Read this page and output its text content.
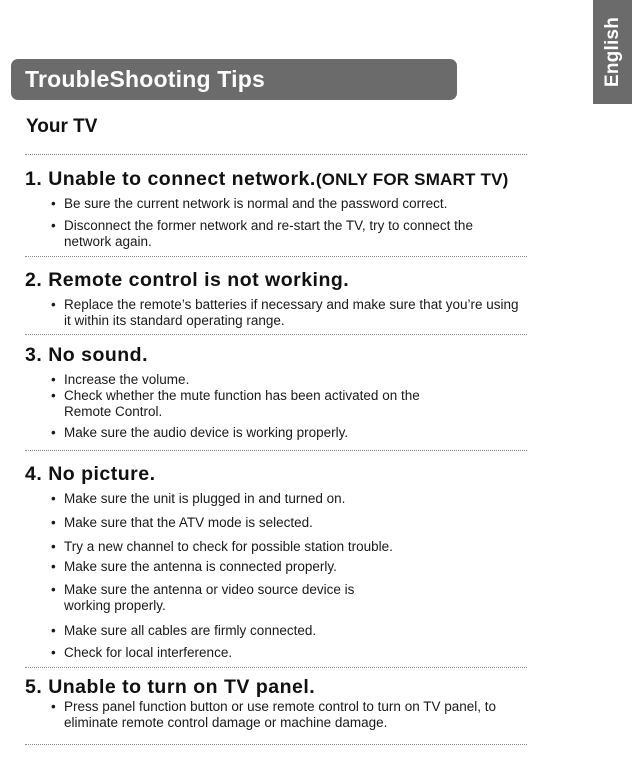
English
TroubleShooting Tips
Your TV
1. Unable to connect network.(ONLY FOR SMART TV)
• Be sure the current network is normal and the password correct.
• Disconnect the former network and re-start the TV, try to connect the network again.
2. Remote control is not working.
• Replace the remote’s batteries if necessary and make sure that you’re using it within its standard operating range.
3. No sound.
• Increase the volume.
• Check whether the mute function has been activated on the Remote Control.
• Make sure the audio device is working properly.
4. No picture.
• Make sure the unit is plugged in and turned on.
• Make sure that the ATV mode is selected.
• Try a new channel to check for possible station trouble.
• Make sure the antenna is connected properly.
• Make sure the antenna or video source device is working properly.
• Make sure all cables are firmly connected.
• Check for local interference.
5. Unable to turn on TV panel.
• Press panel function button or use remote control to turn on TV panel, to eliminate remote control damage or machine damage.
